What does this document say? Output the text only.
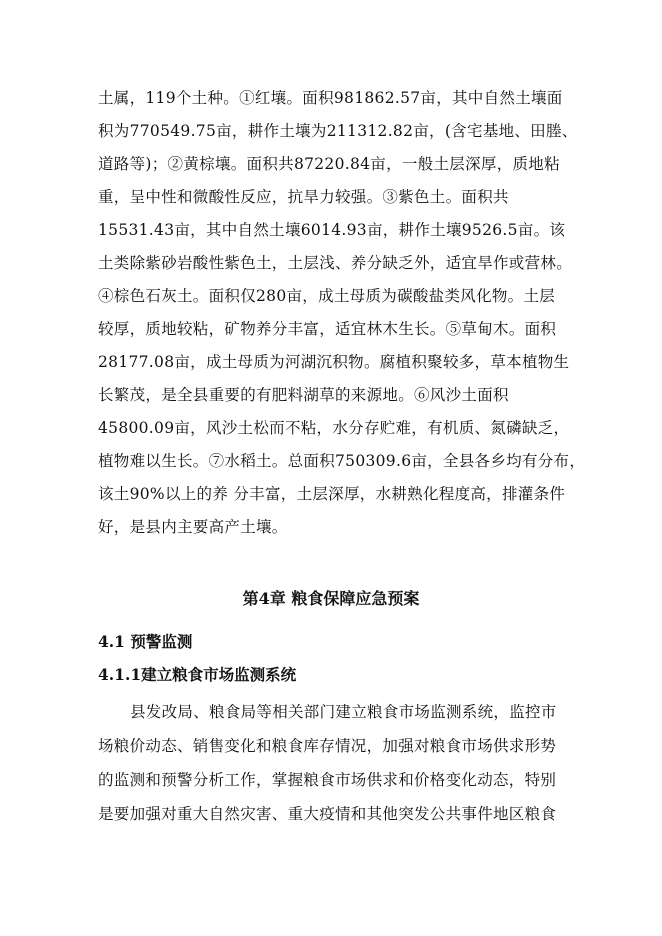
土属，119个土种。①红壤。面积981862.57亩，其中自然土壤面
积为770549.75亩，耕作土壤为211312.82亩，(含宅基地、田塍、
道路等)；②黄棕壤。面积共87220.84亩，一般土层深厚，质地粘
重，呈中性和微酸性反应，抗旱力较强。③紫色土。面积共
15531.43亩，其中自然土壤6014.93亩，耕作土壤9526.5亩。该
土类除紫砂岩酸性紫色土，土层浅、养分缺乏外，适宜旱作或营林。
④棕色石灰土。面积仅280亩，成土母质为碳酸盐类风化物。土层
较厚，质地较粘，矿物养分丰富，适宜林木生长。⑤草甸木。面积
28177.08亩，成土母质为河湖沉积物。腐植积聚较多，草本植物生
长繁茂，是全县重要的有肥料湖草的来源地。⑥风沙土面积
45800.09亩，风沙土松而不粘，水分存贮难，有机质、氮磷缺乏，
植物难以生长。⑦水稻土。总面积750309.6亩，全县各乡均有分布，
该土90%以上的养 分丰富，土层深厚，水耕熟化程度高，排灌条件
好，是县内主要高产土壤。
第4章 粮食保障应急预案
4.1 预警监测
4.1.1建立粮食市场监测系统
县发改局、粮食局等相关部门建立粮食市场监测系统，监控市
场粮价动态、销售变化和粮食库存情况，加强对粮食市场供求形势
的监测和预警分析工作，掌握粮食市场供求和价格变化动态，特别
是要加强对重大自然灾害、重大疫情和其他突发公共事件地区粮食
